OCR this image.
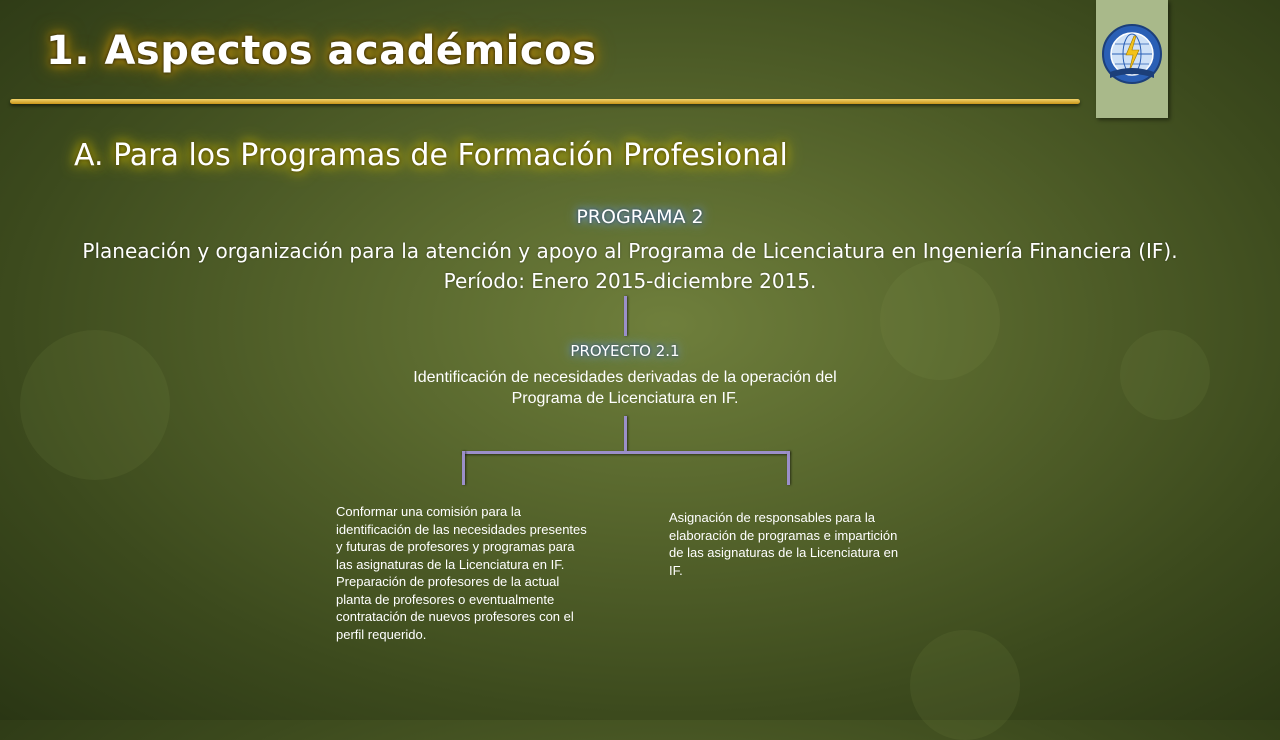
1. Aspectos académicos
A. Para los Programas de Formación Profesional
PROGRAMA 2
Planeación y organización para la atención y apoyo al Programa de Licenciatura en Ingeniería Financiera (IF). Período: Enero 2015-diciembre 2015.
PROYECTO 2.1
Identificación de necesidades derivadas de la operación del Programa de Licenciatura en IF.
Conformar una comisión para la identificación de las necesidades presentes y futuras de profesores y programas para las asignaturas de la Licenciatura en IF. Preparación de profesores de la actual planta de profesores o eventualmente contratación de nuevos profesores con el perfil requerido.
Asignación de responsables para la elaboración de programas e impartición de las asignaturas de la Licenciatura en IF.
